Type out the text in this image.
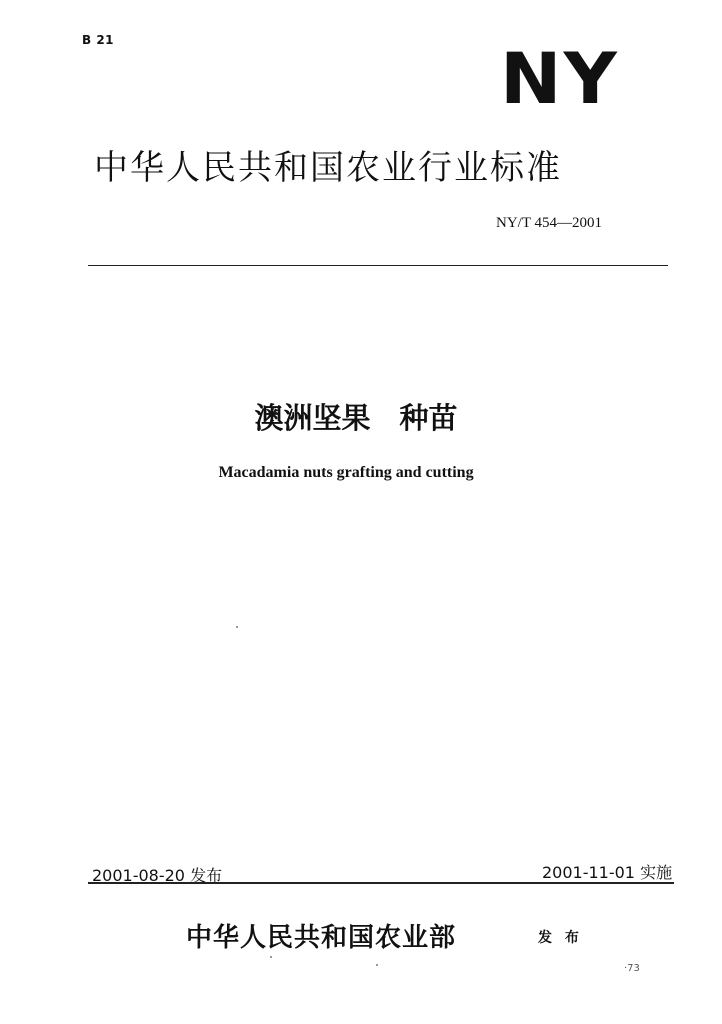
B 21	NY
中华人民共和国农业行业标准
NY/T 454—2001
澳洲坚果　种苗
Macadamia nuts grafting and cutting
2001-08-20 发布	2001-11-01 实施
中华人民共和国农业部	发 布
·73
